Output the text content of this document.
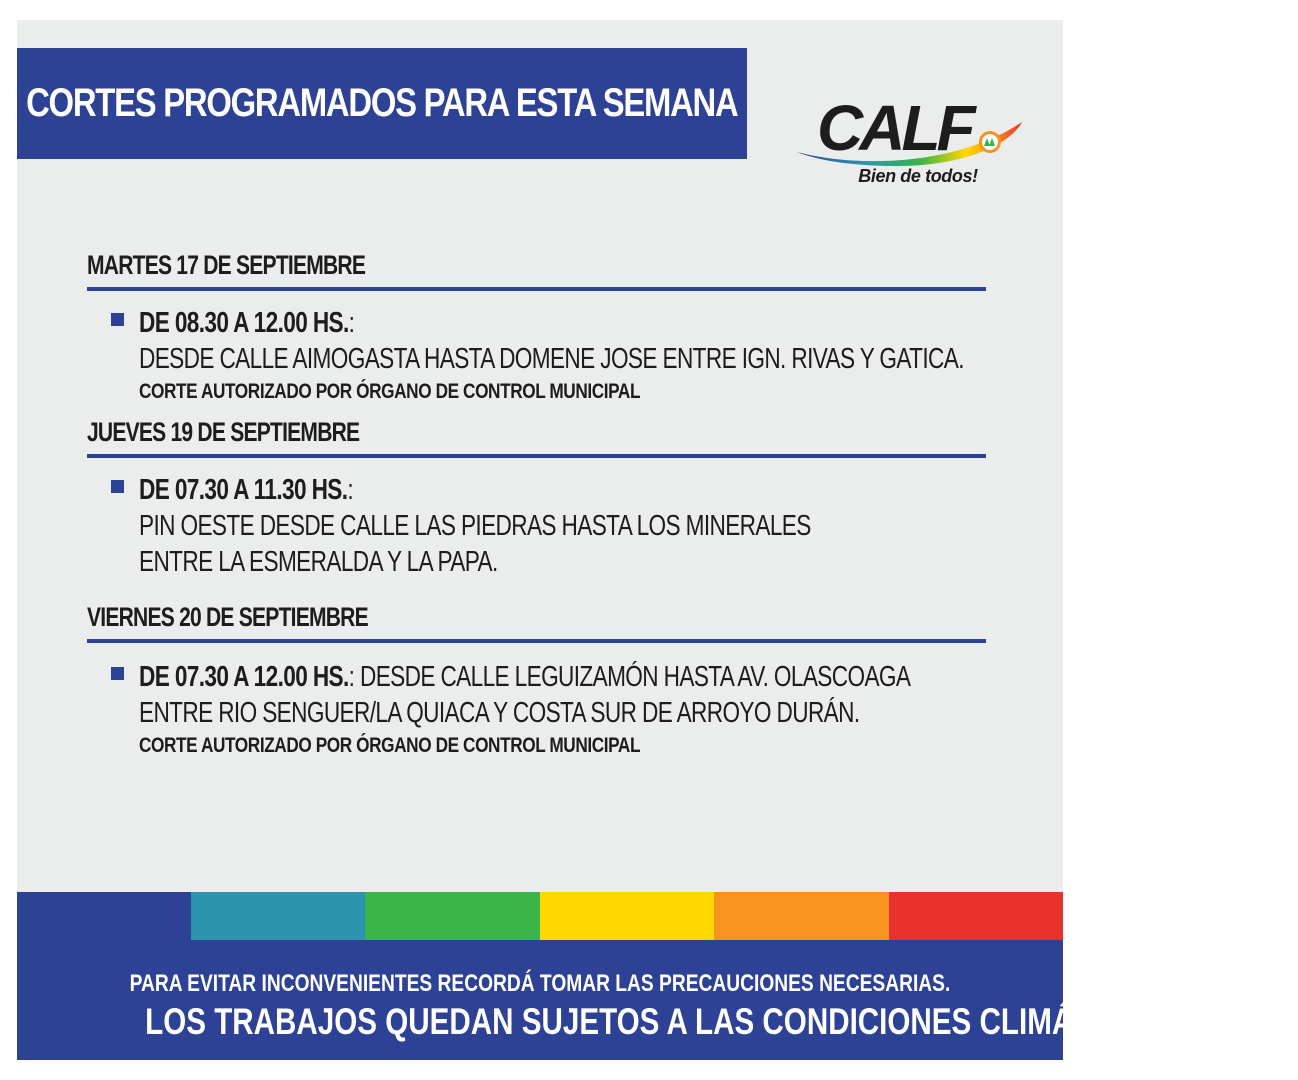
CORTES PROGRAMADOS PARA ESTA SEMANA CALF
Bien de todos!
MARTES 17 DE SEPTIEMBRE
DE 08.30 A 12.00 HS.:
DESDE CALLE AIMOGASTA HASTA DOMENE JOSE ENTRE IGN. RIVAS Y GATICA.
CORTE AUTORIZADO POR ÓRGANO DE CONTROL MUNICIPAL
JUEVES 19 DE SEPTIEMBRE
DE 07.30 A 11.30 HS.:
PIN OESTE DESDE CALLE LAS PIEDRAS HASTA LOS MINERALES
ENTRE LA ESMERALDA Y LA PAPA.
VIERNES 20 DE SEPTIEMBRE
DE 07.30 A 12.00 HS.: DESDE CALLE LEGUIZAMÓN HASTA AV. OLASCOAGA
ENTRE RIO SENGUER/LA QUIACA Y COSTA SUR DE ARROYO DURÁN.
CORTE AUTORIZADO POR ÓRGANO DE CONTROL MUNICIPAL
PARA EVITAR INCONVENIENTES RECORDÁ TOMAR LAS PRECAUCIONES NECESARIAS.
LOS TRABAJOS QUEDAN SUJETOS A LAS CONDICIONES CLIMÁTICAS.
